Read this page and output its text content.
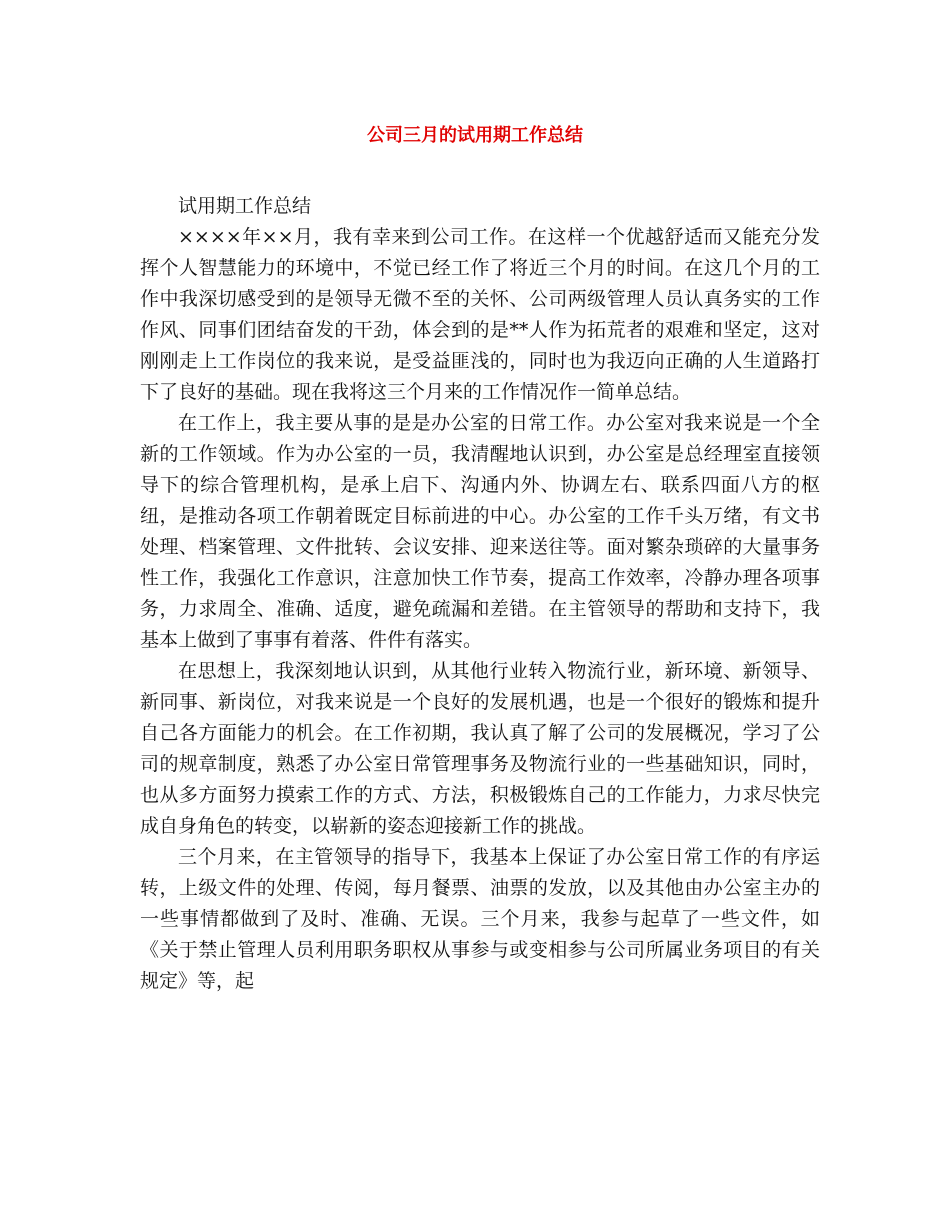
公司三月的试用期工作总结

试用期工作总结

××××年××月，我有幸来到公司工作。在这样一个优越舒适而又能充分发挥个人智慧能力的环境中，不觉已经工作了将近三个月的时间。在这几个月的工作中我深切感受到的是领导无微不至的关怀、公司两级管理人员认真务实的工作作风、同事们团结奋发的干劲，体会到的是**人作为拓荒者的艰难和坚定，这对刚刚走上工作岗位的我来说，是受益匪浅的，同时也为我迈向正确的人生道路打下了良好的基础。现在我将这三个月来的工作情况作一简单总结。

在工作上，我主要从事的是是办公室的日常工作。办公室对我来说是一个全新的工作领域。作为办公室的一员，我清醒地认识到，办公室是总经理室直接领导下的综合管理机构，是承上启下、沟通内外、协调左右、联系四面八方的枢纽，是推动各项工作朝着既定目标前进的中心。办公室的工作千头万绪，有文书处理、档案管理、文件批转、会议安排、迎来送往等。面对繁杂琐碎的大量事务性工作，我强化工作意识，注意加快工作节奏，提高工作效率，冷静办理各项事务，力求周全、准确、适度，避免疏漏和差错。在主管领导的帮助和支持下，我基本上做到了事事有着落、件件有落实。

在思想上，我深刻地认识到，从其他行业转入物流行业，新环境、新领导、新同事、新岗位，对我来说是一个良好的发展机遇，也是一个很好的锻炼和提升自己各方面能力的机会。在工作初期，我认真了解了公司的发展概况，学习了公司的规章制度，熟悉了办公室日常管理事务及物流行业的一些基础知识，同时，也从多方面努力摸索工作的方式、方法，积极锻炼自己的工作能力，力求尽快完成自身角色的转变，以崭新的姿态迎接新工作的挑战。

三个月来，在主管领导的指导下，我基本上保证了办公室日常工作的有序运转，上级文件的处理、传阅，每月餐票、油票的发放，以及其他由办公室主办的一些事情都做到了及时、准确、无误。三个月来，我参与起草了一些文件，如《关于禁止管理人员利用职务职权从事参与或变相参与公司所属业务项目的有关规定》等，起
